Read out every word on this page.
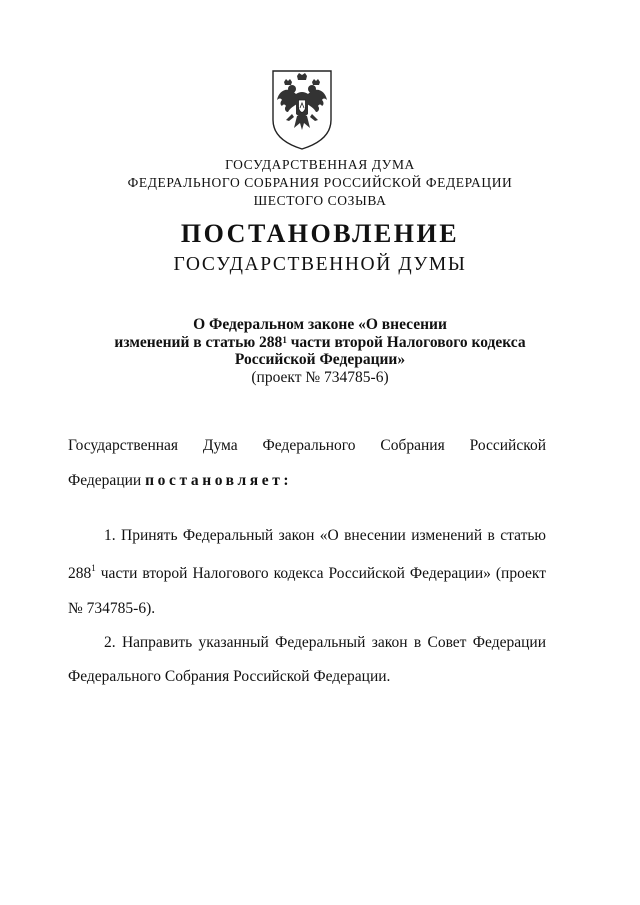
ГОСУДАРСТВЕННАЯ ДУМА
ФЕДЕРАЛЬНОГО СОБРАНИЯ РОССИЙСКОЙ ФЕДЕРАЦИИ
ШЕСТОГО СОЗЫВА
ПОСТАНОВЛЕНИЕ
ГОСУДАРСТВЕННОЙ ДУМЫ
О Федеральном законе «О внесении
изменений в статью $288^1$ части второй Налогового кодекса
Российской Федерации»
(проект № 734785-6)
Государственная Дума Федерального Собрания Российской
Федерации постановляет:
1. Принять Федеральный закон «О внесении изменений в статью
$288^1$ части второй Налогового кодекса Российской Федерации» (проект
№ 734785-6).
2. Направить указанный Федеральный закон в Совет Федерации
Федерального Собрания Российской Федерации.
